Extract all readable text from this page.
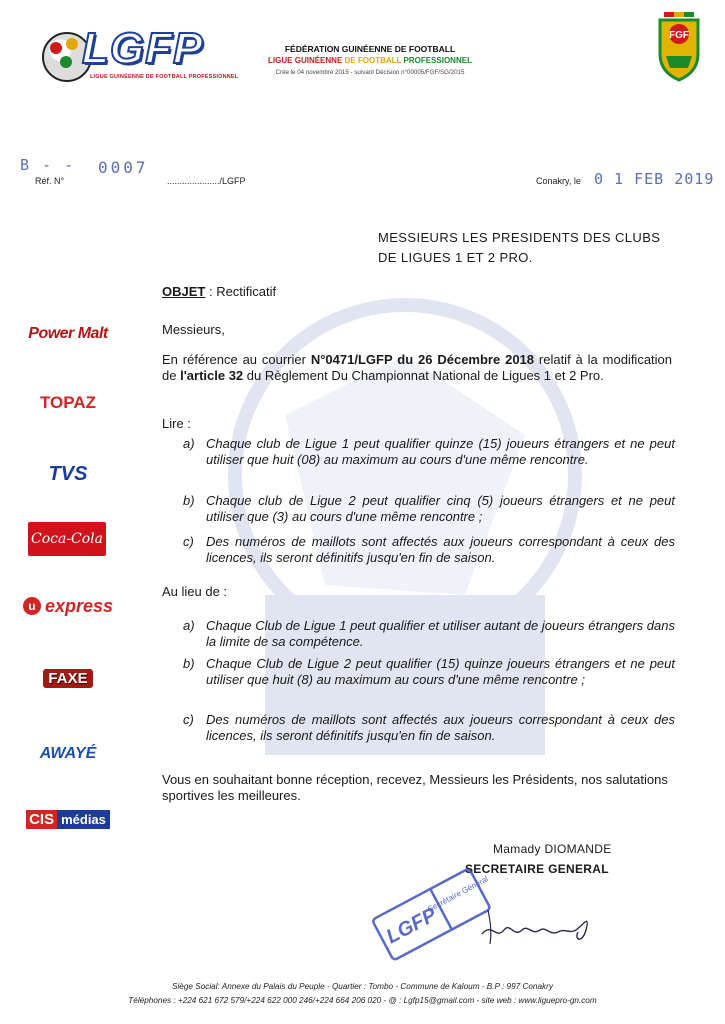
LGFP
LIGUE GUINÉENNE DE FOOTBALL PROFESSIONNEL
FÉDÉRATION GUINÉENNE DE FOOTBALL
LIGUE GUINÉENNE DE FOOTBALL PROFESSIONNEL
Crée le 04 novembre 2015 - suivant Décision n°00005/FGF/SG/2015
FGF
B - - 0007
Réf. N°	...................../LGFP	Conakry, le 0 1 FEB 2019
MESSIEURS LES PRESIDENTS DES CLUBS
DE LIGUES 1 ET 2 PRO.
OBJET : Rectificatif
Messieurs,
En référence au courrier N°0471/LGFP du 26 Décembre 2018 relatif à la modification de l'article 32 du Règlement Du Championnat National de Ligues 1 et 2 Pro.
Lire :
a) Chaque club de Ligue 1 peut qualifier quinze (15) joueurs étrangers et ne peut utiliser que huit (08) au maximum au cours d'une même rencontre.
b) Chaque club de Ligue 2 peut qualifier cinq (5) joueurs étrangers et ne peut utiliser que (3) au cours d'une même rencontre ;
c) Des numéros de maillots sont affectés aux joueurs correspondant à ceux des licences, ils seront définitifs jusqu'en fin de saison.
Au lieu de :
a) Chaque Club de Ligue 1 peut qualifier et utiliser autant de joueurs étrangers dans la limite de sa compétence.
b) Chaque Club de Ligue 2 peut qualifier (15) quinze joueurs étrangers et ne peut utiliser que huit (8) au maximum au cours d'une même rencontre ;
c) Des numéros de maillots sont affectés aux joueurs correspondant à ceux des licences, ils seront définitifs jusqu'en fin de saison.
Vous en souhaitant bonne réception, recevez, Messieurs les Présidents, nos salutations sportives les meilleures.
Mamady DIOMANDE
SECRETAIRE GENERAL
LGFP
Secrétaire Général
Power Malt
TOPAZ
TVS
Coca-Cola
u express
FAXE
AWAYÉ
CIS médias
Siège Social: Annexe du Palais du Peuple - Quartier : Tombo - Commune de Kaloum - B.P : 997 Conakry
Téléphones : +224 621 672 579/+224 622 000 246/+224 664 206 020 - @ : Lgfp15@gmail.com - site web : www.liguepro-gn.com
